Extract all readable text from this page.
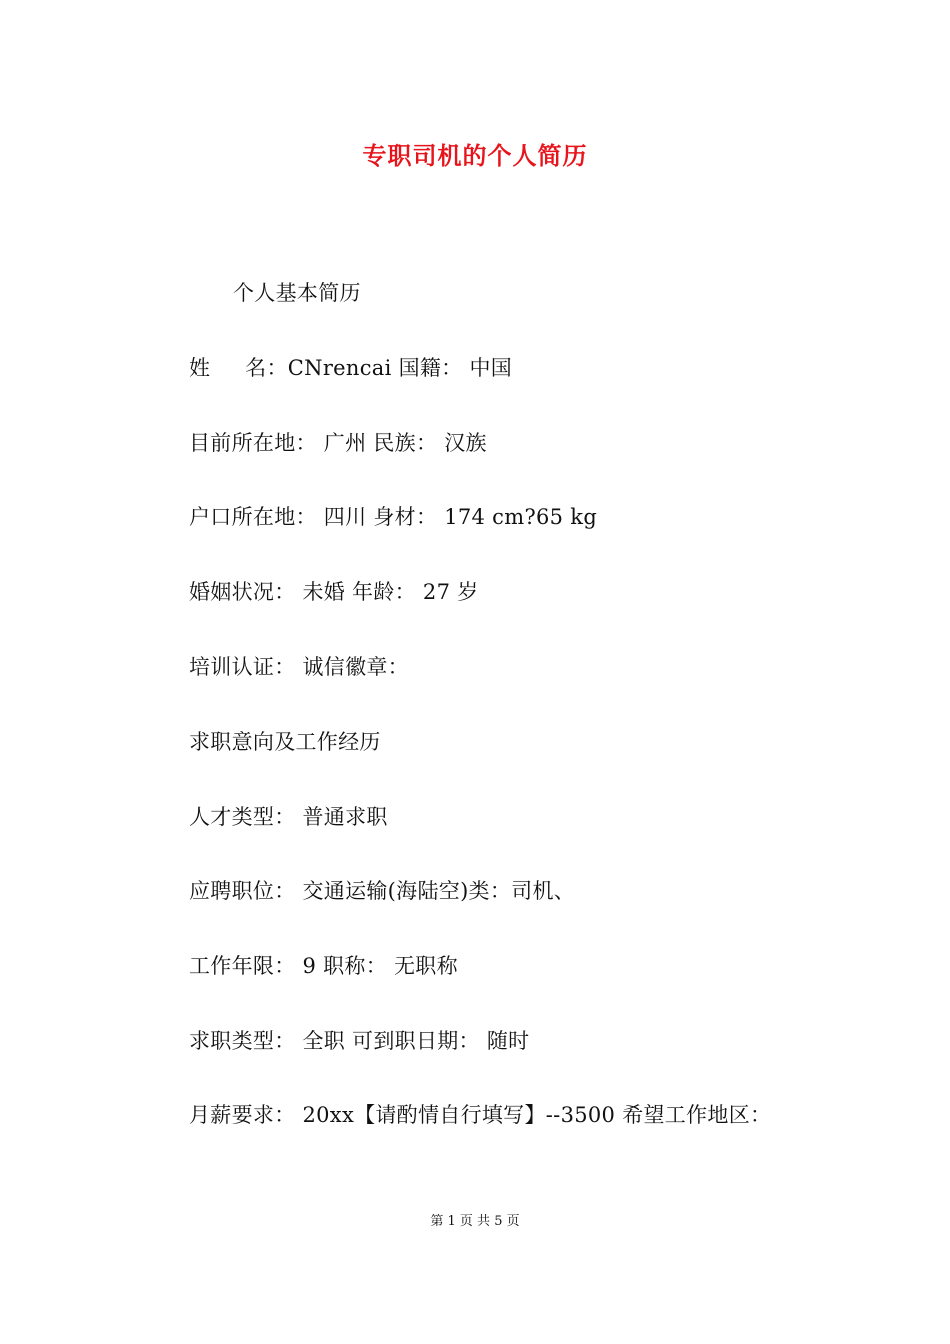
专职司机的个人简历
个人基本简历
姓     名：CNrencai 国籍： 中国
目前所在地： 广州 民族： 汉族
户口所在地： 四川 身材： 174 cm?65 kg
婚姻状况： 未婚 年龄： 27 岁
培训认证： 诚信徽章：
求职意向及工作经历
人才类型： 普通求职
应聘职位： 交通运输(海陆空)类：司机、
工作年限： 9 职称： 无职称
求职类型： 全职 可到职日期： 随时
月薪要求： 20xx【请酌情自行填写】--3500 希望工作地区：
第 1 页 共 5 页
